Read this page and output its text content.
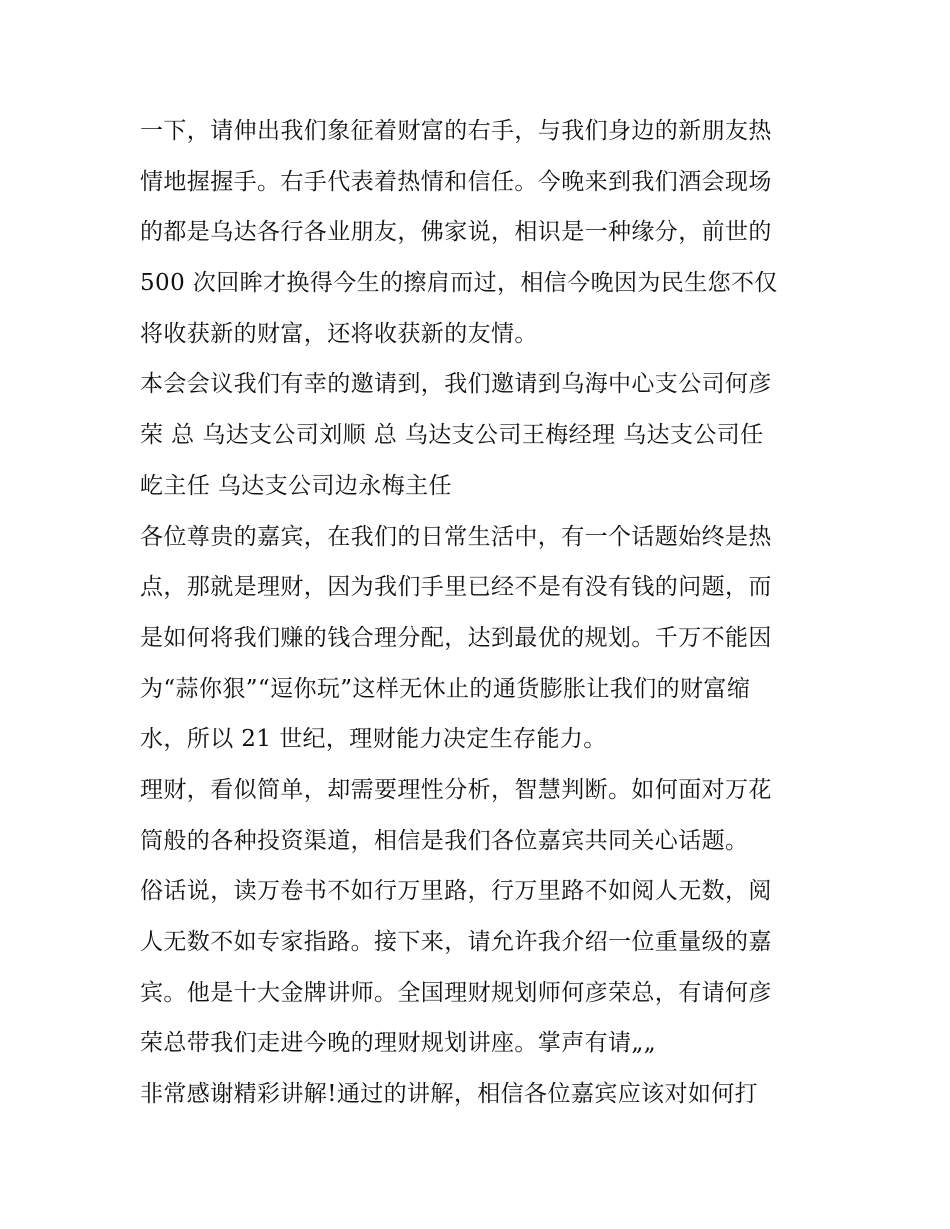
一下，请伸出我们象征着财富的右手，与我们身边的新朋友热
情地握握手。右手代表着热情和信任。今晚来到我们酒会现场
的都是乌达各行各业朋友，佛家说，相识是一种缘分，前世的
500 次回眸才换得今生的擦肩而过，相信今晚因为民生您不仅
将收获新的财富，还将收获新的友情。
本会会议我们有幸的邀请到，我们邀请到乌海中心支公司何彦
荣 总 乌达支公司刘顺 总 乌达支公司王梅经理 乌达支公司任
屹主任 乌达支公司边永梅主任
各位尊贵的嘉宾，在我们的日常生活中，有一个话题始终是热
点，那就是理财，因为我们手里已经不是有没有钱的问题，而
是如何将我们赚的钱合理分配，达到最优的规划。千万不能因
为“蒜你狠”“逗你玩”这样无休止的通货膨胀让我们的财富缩
水，所以 21 世纪，理财能力决定生存能力。
理财，看似简单，却需要理性分析，智慧判断。如何面对万花
筒般的各种投资渠道，相信是我们各位嘉宾共同关心话题。
俗话说，读万卷书不如行万里路，行万里路不如阅人无数，阅
人无数不如专家指路。接下来，请允许我介绍一位重量级的嘉
宾。他是十大金牌讲师。全国理财规划师何彦荣总，有请何彦
荣总带我们走进今晚的理财规划讲座。掌声有请„„
非常感谢精彩讲解!通过的讲解，相信各位嘉宾应该对如何打
